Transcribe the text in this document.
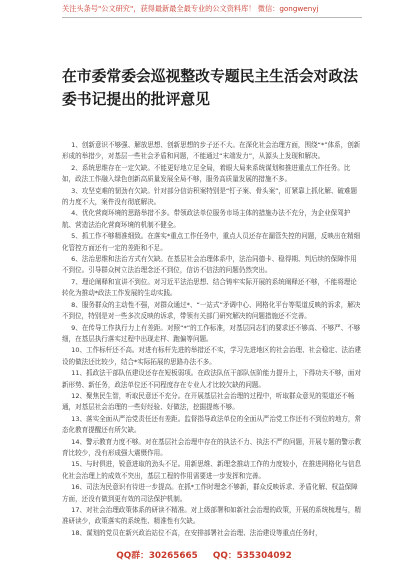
关注头条号"公文研究"，获得最新最全最专业的公文资料库！ 微信：gongwenyj
在市委常委会巡视整改专题民主生活会对政法委书记提出的批评意见

1、创新意识不够强、解放思想、创新思想的步子还不大。在深化社会治理方面，围绕“*”体系，创新形成的举措少，对基层一些社会矛盾和问题，不能通过“末端发力”，从源头上发现和解决。

2、系统思维存在一定欠缺。不能更好地立足全局，着眼大局来系统谋划和推进重点工作任务。比如，政法工作融入绿色创新高质量发展全局不够，服务高质量发展的措施不多。

3、攻坚克难的韧劲有欠缺。针对部分信访积案特别是“钉子案、骨头案”，盯紧靠上抓化解、破难题的力度不大，案件没有彻底解决。

4、优化营商环境的思路举措不多。带领政法单位服务市场主体的措施办法不充分，为企业保驾护航、营造法治化营商环境的机制不健全。

5、抓工作不够精准细致。在落实*重点工作任务中，重点人员还存在漏管失控的问题，反映出在精细化管控方面还有一定的差距和不足。

6、法治思维和法治方式有欠缺。在基层社会治理体系中，法治同德卡、稳得期、判后续的保障作用不到位。引导群众树立法治理念还不到位，信访不信法的问题仍然突出。

7、理论阐释和宣讲不到位。对习近平法治思想、结合铸牢实际开展的系统阐释还不够，不能将理论转化为推动*政法工作发展的生动实践。

8、服务群众的主动性不强，对群众通过*、“一站式”矛调中心、网格化平台等渠道反映的诉求，解决不到位，特别是对一些多次反映的诉求，带领有关部门研究解决的问题措施还不完善。

9、在传导工作执行力上有差距。对照“*”的工作标准，对基层同志们的要求还不够高、不够严、不够细，在基层执行落实过程中出现走样、跑偏等问题。

10、工作标杆还不高。对进有标杆先进的举措还不实，学习先进地区的社会治理、社会稳定、法治建设的做法还比较少，结合*实际拓展的思路办法不多。

11、抓政法干部队伍建设还存在短板弱项。在政法队伍干部队伍阶能力提升上，下得功夫不够，面对新形势、新任务，政法单位还不同程度存在专业人才比较欠缺的问题。

12、聚焦民生智，听取民意还不充分。在开展基层社会治理的过程中，听取群众意见的渠道还不畅通，对基层社会治理的一些好经验、好做法，挖掘提炼不够。

13、落实全面从严治党责任还有差距。监督指导政法单位的全面从严治党工作还有不到位的地方，常态化教育提醒还有所欠缺。

14、警示教育力度不够。对在基层社会治理中存在的执法不力、执法不严的问题，开展专题的警示教育比较少，没有形成强大震慑作用。

15、与时俱进，锐意进取的劲头不足。用新思维、新理念推动工作的力度较小，在推进网格化与信息化社会治理上的成效不突出，基层工程的作用需要进一步发挥和完善。

16、司法为民意识有待进一步提高。在抓*工作时理念不够新，群众反映诉求、矛盾化解、权益保障方面，还没有做到更有效的司法保护机制。

17、对社会治理政策体系的研读不精准。对上级部署和如新社会治理的政策，开展的系统梳理与，精准研读少，政策落实的系统性、精准性有欠缺。

18、谋划的党员在新兴政治站位不高，在安排部署社会治理、法治建设等重点任务时，

QQ群：30265665 QQ：535304092
